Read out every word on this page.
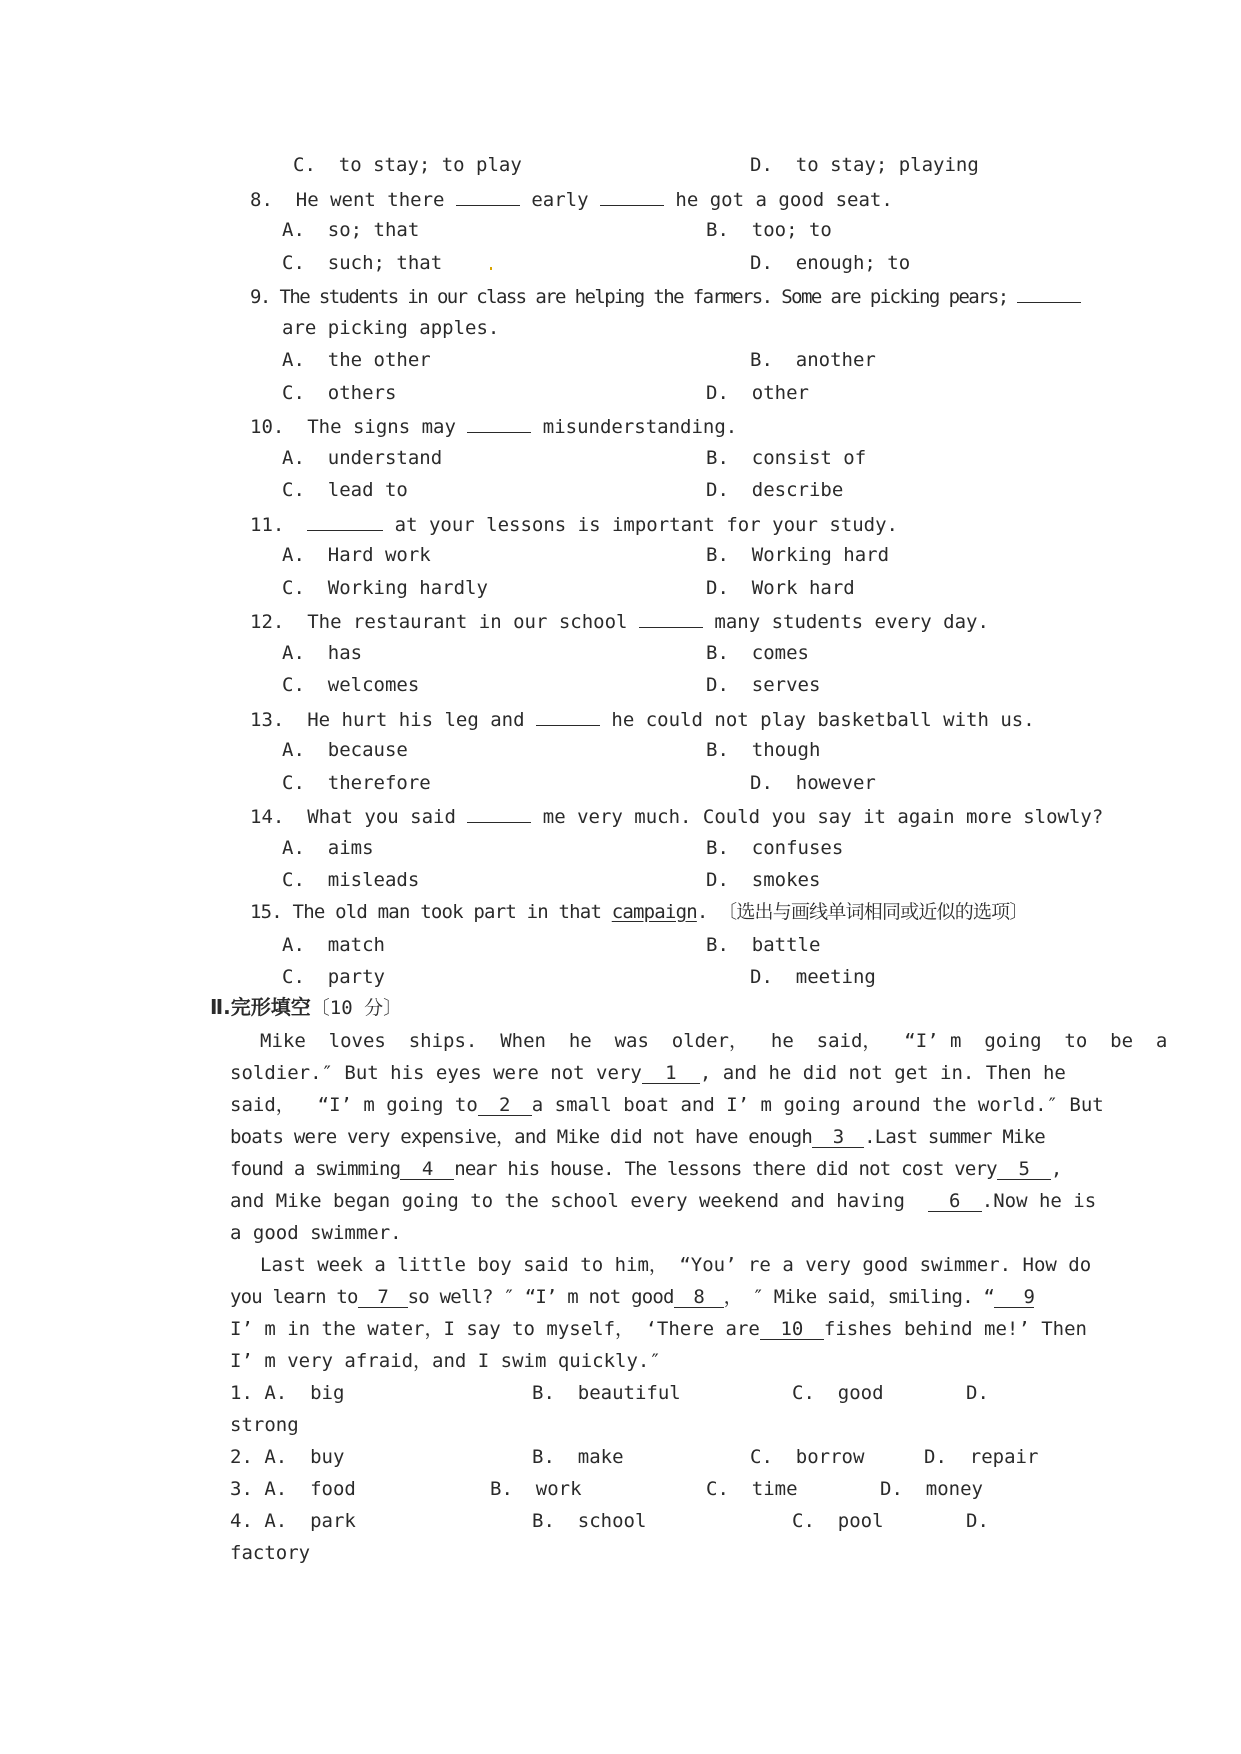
C.  to stay; to play	D.  to stay; playing
8.  He went there	early	he got a good seat.
A.  so; that	B.  too; to
C.  such; that	D.  enough; to
9. The students in our class are helping the farmers. Some are picking pears;
are picking apples.
A.  the other	B.  another
C.  others	D.  other
10.  The signs may	misunderstanding.
A.  understand	B.  consist of
C.  lead to	D.  describe
11.	at your lessons is important for your study.
A.  Hard work	B.  Working hard
C.  Working hardly	D.  Work hard
12.  The restaurant in our school	many students every day.
A.  has	B.  comes
C.  welcomes	D.  serves
13.  He hurt his leg and	he could not play basketball with us.
A.  because	B.  though
C.  therefore	D.  however
14.  What you said	me very much. Could you say it again more slowly?
A.  aims	B.  confuses
C.  misleads	D.  smokes
15. The old man took part in that campaign. 〔选出与画线单词相同或近似的选项〕
A.  match	B.  battle
C.  party	D.  meeting
Ⅱ.完形填空〔10 分〕
Mike  loves  ships.  When  he  was  older，  he  said，  “I’ m  going  to  be  a
soldier.″ But his eyes were not very 1 , and he did not get in. Then he
said，  “I’ m going to 2 a small boat and I’ m going around the world.″ But
boats were very expensive，and Mike did not have enough 3 .Last summer Mike
found a swimming 4 near his house. The lessons there did not cost very 5 ,
and Mike began going to the school every weekend and having  6 .Now he is
a good swimmer.
Last week a little boy said to him， “You’ re a very good swimmer. How do
you learn to 7 so well? ″ “I’ m not good 8 ， ″ Mike said，smiling. “ 9
I’ m in the water，I say to myself， ‘There are 10 fishes behind me!’ Then
I’ m very afraid，and I swim quickly.″
1. A.  big	B.  beautiful	C.  good	D.
strong
2. A.  buy	B.  make	C.  borrow	D.  repair
3. A.  food	B.  work	C.  time	D.  money
4. A.  park	B.  school	C.  pool	D.
factory
